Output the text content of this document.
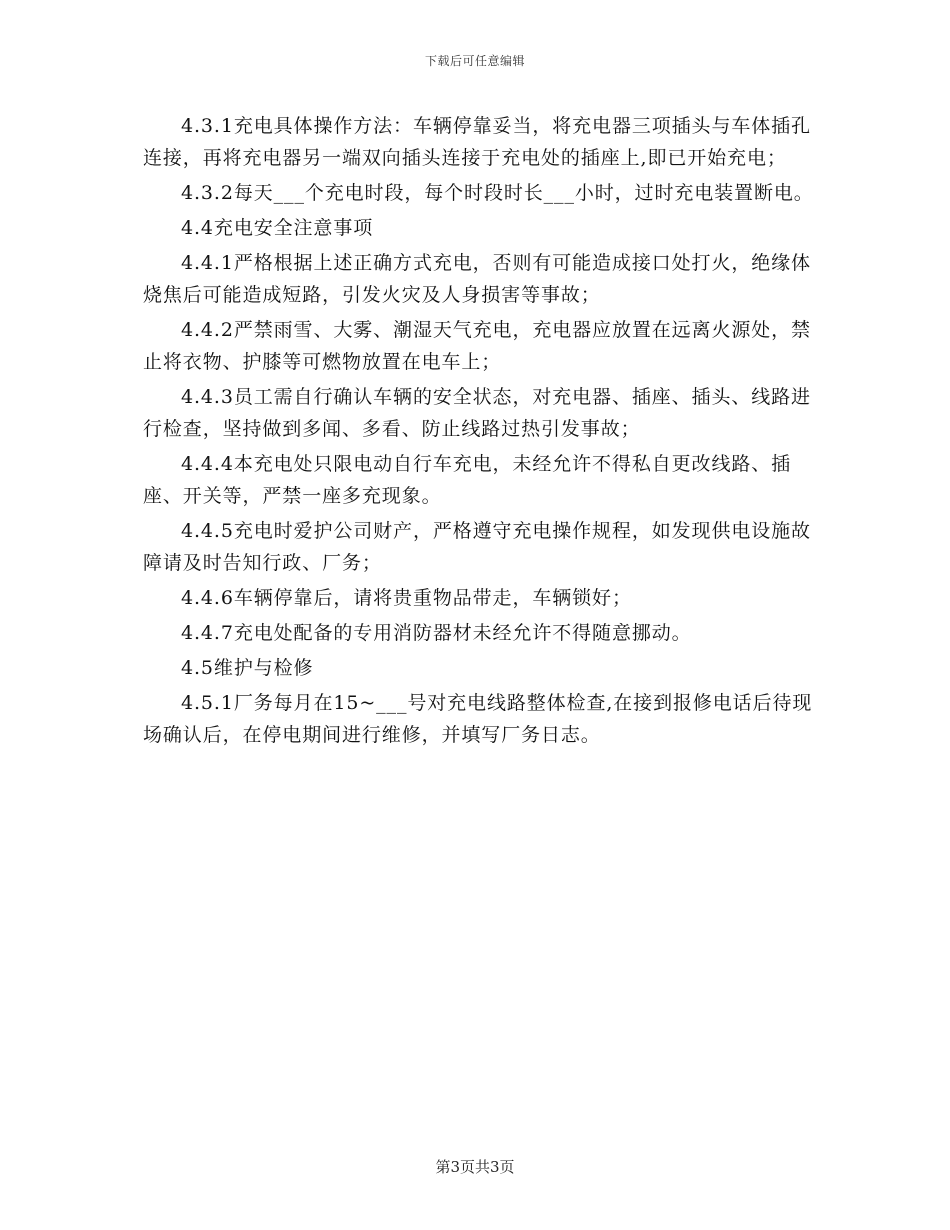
下载后可任意编辑

4.3.1充电具体操作方法：车辆停靠妥当，将充电器三项插头与车体插孔连接，再将充电器另一端双向插头连接于充电处的插座上,即已开始充电；

4.3.2每天___个充电时段，每个时段时长___小时，过时充电装置断电。

4.4充电安全注意事项

4.4.1严格根据上述正确方式充电，否则有可能造成接口处打火，绝缘体烧焦后可能造成短路，引发火灾及人身损害等事故；

4.4.2严禁雨雪、大雾、潮湿天气充电，充电器应放置在远离火源处，禁止将衣物、护膝等可燃物放置在电车上；

4.4.3员工需自行确认车辆的安全状态，对充电器、插座、插头、线路进行检查，坚持做到多闻、多看、防止线路过热引发事故；

4.4.4本充电处只限电动自行车充电，未经允许不得私自更改线路、插座、开关等，严禁一座多充现象。

4.4.5充电时爱护公司财产，严格遵守充电操作规程，如发现供电设施故障请及时告知行政、厂务；

4.4.6车辆停靠后，请将贵重物品带走，车辆锁好；

4.4.7充电处配备的专用消防器材未经允许不得随意挪动。

4.5维护与检修

4.5.1厂务每月在15~___号对充电线路整体检查,在接到报修电话后待现场确认后，在停电期间进行维修，并填写厂务日志。

第3页共3页
